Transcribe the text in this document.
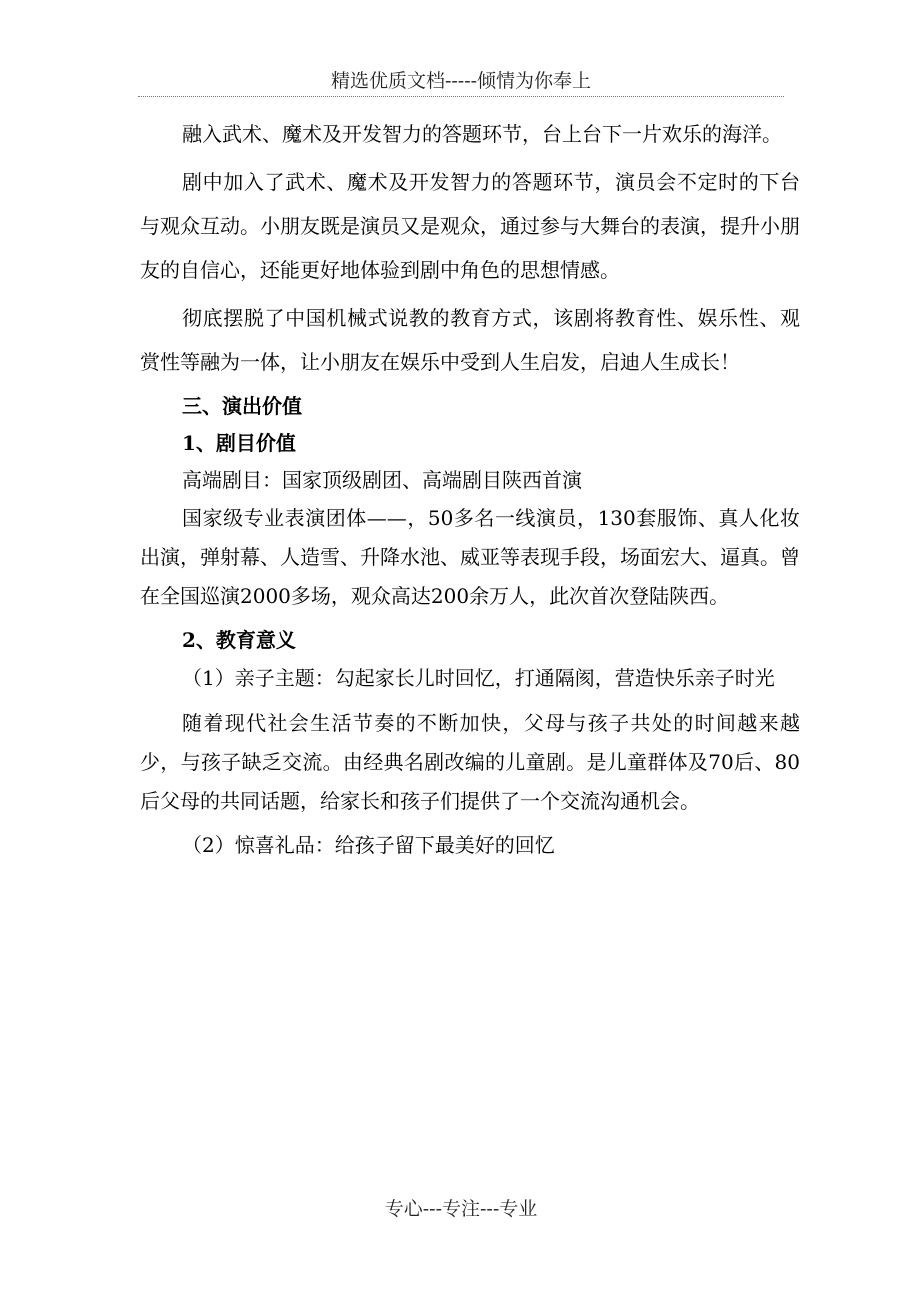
精选优质文档-----倾情为你奉上

融入武术、魔术及开发智力的答题环节，台上台下一片欢乐的海洋。

剧中加入了武术、魔术及开发智力的答题环节，演员会不定时的下台与观众互动。小朋友既是演员又是观众，通过参与大舞台的表演，提升小朋友的自信心，还能更好地体验到剧中角色的思想情感。

彻底摆脱了中国机械式说教的教育方式，该剧将教育性、娱乐性、观赏性等融为一体，让小朋友在娱乐中受到人生启发，启迪人生成长！

三、演出价值

1、剧目价值

高端剧目：国家顶级剧团、高端剧目陕西首演

国家级专业表演团体——，50多名一线演员，130套服饰、真人化妆出演，弹射幕、人造雪、升降水池、威亚等表现手段，场面宏大、逼真。曾在全国巡演2000多场，观众高达200余万人，此次首次登陆陕西。

2、教育意义

（1）亲子主题：勾起家长儿时回忆，打通隔阂，营造快乐亲子时光

随着现代社会生活节奏的不断加快，父母与孩子共处的时间越来越少，与孩子缺乏交流。由经典名剧改编的儿童剧。是儿童群体及70后、80后父母的共同话题，给家长和孩子们提供了一个交流沟通机会。

（2）惊喜礼品：给孩子留下最美好的回忆

专心---专注---专业
